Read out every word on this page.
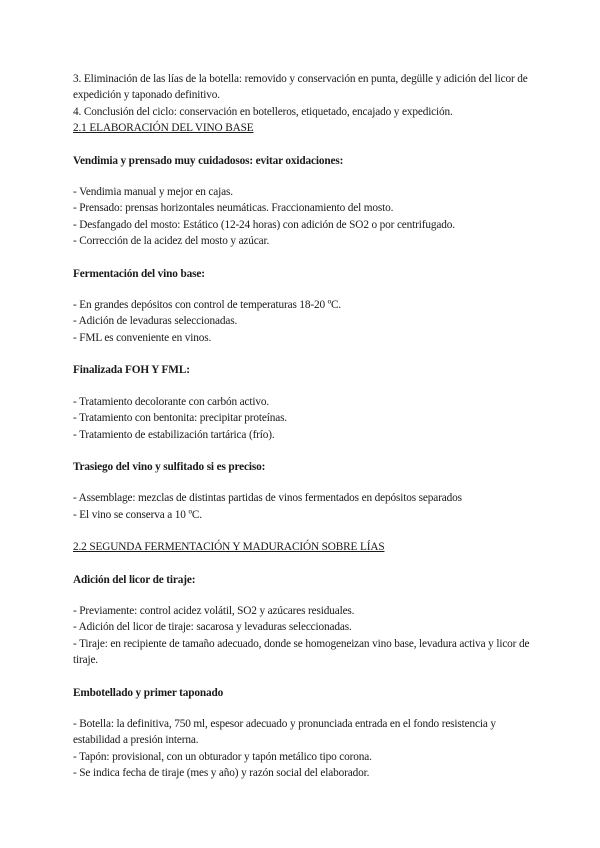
3. Eliminación de las lías de la botella: removido y conservación en punta, degülle y adición del licor de expedición y taponado definitivo.
4. Conclusión del ciclo: conservación en botelleros, etiquetado, encajado y expedición.
2.1 ELABORACIÓN DEL VINO BASE
Vendimia y prensado muy cuidadosos: evitar oxidaciones:
- Vendimia manual y mejor en cajas.
- Prensado: prensas horizontales neumáticas. Fraccionamiento del mosto.
- Desfangado del mosto: Estático (12-24 horas) con adición de SO2 o por centrifugado.
- Corrección de la acidez del mosto y azúcar.
Fermentación del vino base:
- En grandes depósitos con control de temperaturas 18-20 ºC.
- Adición de levaduras seleccionadas.
- FML es conveniente en vinos.
Finalizada FOH Y FML:
- Tratamiento decolorante con carbón activo.
- Tratamiento con bentonita: precipitar proteínas.
- Tratamiento de estabilización tartárica (frío).
Trasiego del vino y sulfitado si es preciso:
- Assemblage: mezclas de distintas partidas de vinos fermentados en depósitos separados
- El vino se conserva a 10 ºC.
2.2 SEGUNDA FERMENTACIÓN Y MADURACIÓN SOBRE LÍAS
Adición del licor de tiraje:
- Previamente: control acidez volátil, SO2 y azúcares residuales.
- Adición del licor de tiraje: sacarosa y levaduras seleccionadas.
- Tiraje: en recipiente de tamaño adecuado, donde se homogeneizan vino base, levadura activa y licor de tiraje.
Embotellado y primer taponado
- Botella: la definitiva, 750 ml, espesor adecuado y pronunciada entrada en el fondo resistencia y estabilidad a presión interna.
- Tapón: provisional, con un obturador y tapón metálico tipo corona.
- Se indica fecha de tiraje (mes y año) y razón social del elaborador.
